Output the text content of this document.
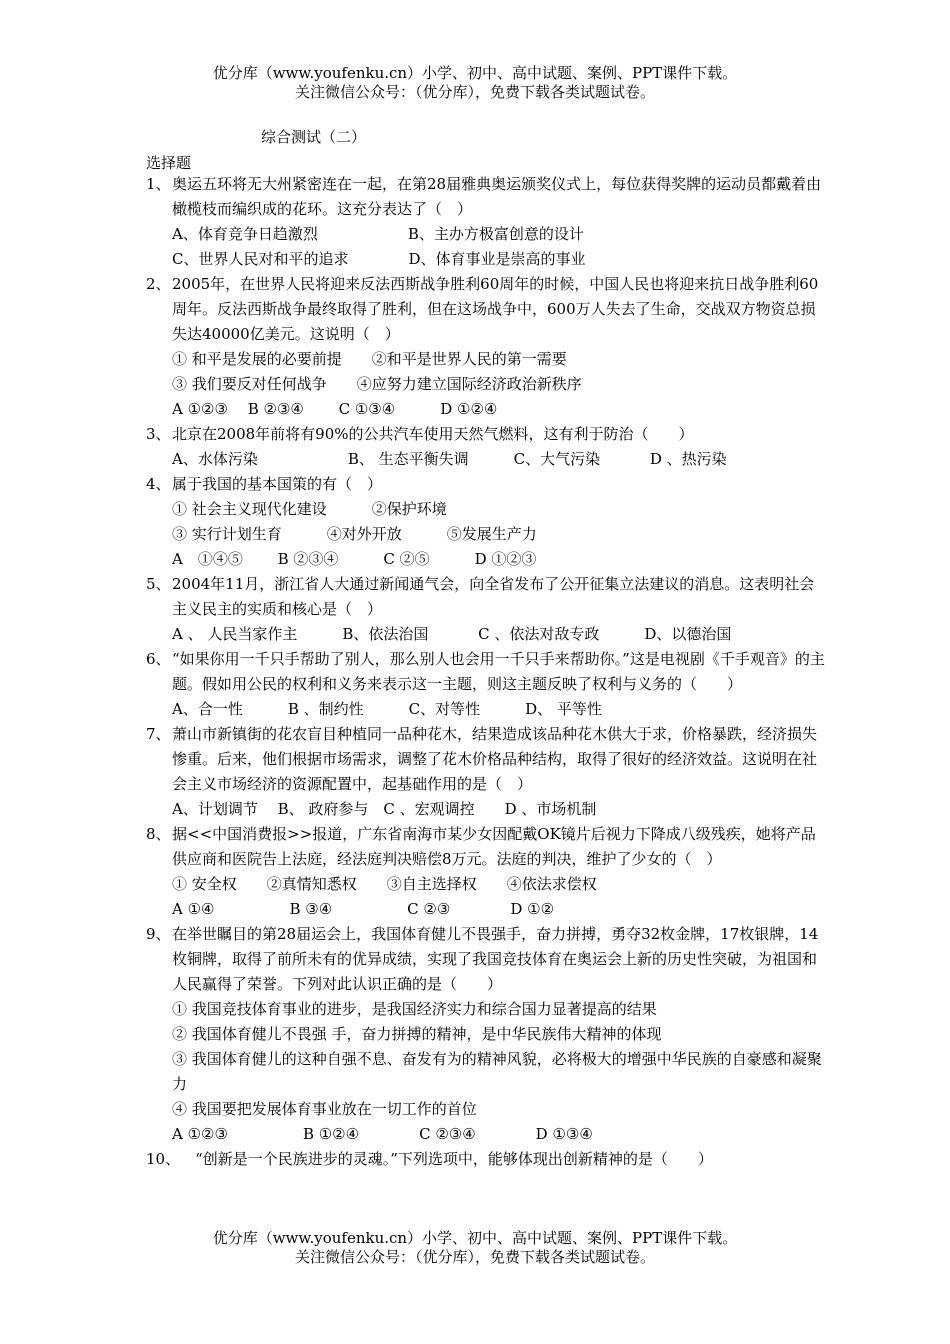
优分库（www.youfenku.cn）小学、初中、高中试题、案例、PPT课件下载。
关注微信公众号：（优分库），免费下载各类试题试卷。
综合测试（二）
选择题
1、 奥运五环将无大州紧密连在一起，在第28届雅典奥运颁奖仪式上，每位获得奖牌的运动员都戴着由橄榄枝而编织成的花环。这充分表达了（　）
A、体育竞争日趋激烈　　　　　　B、主办方极富创意的设计
C、世界人民对和平的追求　　　　D、体育事业是崇高的事业
2、 2005年，在世界人民将迎来反法西斯战争胜利60周年的时候，中国人民也将迎来抗日战争胜利60周年。反法西斯战争最终取得了胜利，但在这场战争中，600万人失去了生命，交战双方物资总损失达40000亿美元。这说明（　）
① 和平是发展的必要前提　　②和平是世界人民的第一需要
③ 我们要反对任何战争　　④应努力建立国际经济政治新秩序
A ①②③　 B ②③④　　 C ①③④　　　D ①②④
3、 北京在2008年前将有90%的公共汽车使用天然气燃料，这有利于防治（　　）
A、水体污染　　　　　　B、 生态平衡失调　　　C、大气污染　　　 D 、热污染
4、 属于我国的基本国策的有（　）
① 社会主义现代化建设　　　②保护环境
③ 实行计划生育　　　④对外开放　　　⑤发展生产力
A　①④⑤　　 B ②③④　　　C ②⑤　　　D ①②③
5、 2004年11月，浙江省人大通过新闻通气会，向全省发布了公开征集立法建议的消息。这表明社会主义民主的实质和核心是（　）
A 、 人民当家作主　　　B、依法治国　　　 C 、依法对敌专政　　　D、以德治国
6、 “如果你用一千只手帮助了别人，那么别人也会用一千只手来帮助你。”这是电视剧《千手观音》的主题。假如用公民的权利和义务来表示这一主题，则这主题反映了权利与义务的（　　）
A、合一性　　　B 、制约性　　　C、对等性　　　D、 平等性
7、 萧山市新镇街的花农盲目种植同一品种花木，结果造成该品种花木供大于求，价格暴跌，经济损失惨重。后来，他们根据市场需求，调整了花木价格品种结构，取得了很好的经济效益。这说明在社会主义市场经济的资源配置中，起基础作用的是（　）
A、计划调节　 B、 政府参与　C 、宏观调控　　D 、市场机制
8、 据<<中国消费报>>报道，广东省南海市某少女因配戴OK镜片后视力下降成八级残疾，她将产品供应商和医院告上法庭，经法庭判决赔偿8万元。法庭的判决，维护了少女的（　）
① 安全权　　②真情知悉权　　③自主选择权　　④依法求偿权
A ①④　　　　　B ③④　　　　　C ②③　　　　D ①②
9、 在举世瞩目的第28届运会上，我国体育健儿不畏强手，奋力拼搏，勇夺32枚金牌，17枚银牌，14枚铜牌，取得了前所未有的优异成绩，实现了我国竞技体育在奥运会上新的历史性突破，为祖国和人民赢得了荣誉。下列对此认识正确的是（　　）
① 我国竞技体育事业的进步，是我国经济实力和综合国力显著提高的结果
② 我国体育健儿不畏强 手，奋力拼搏的精神，是中华民族伟大精神的体现
③ 我国体育健儿的这种自强不息、奋发有为的精神风貌，必将极大的增强中华民族的自豪感和凝聚力
④ 我国要把发展体育事业放在一切工作的首位
A ①②③　　　　　B ①②④　　　　C ②③④　　　　D ①③④
10、 　“创新是一个民族进步的灵魂。”下列选项中，能够体现出创新精神的是（　　）
优分库（www.youfenku.cn）小学、初中、高中试题、案例、PPT课件下载。
关注微信公众号：（优分库），免费下载各类试题试卷。
